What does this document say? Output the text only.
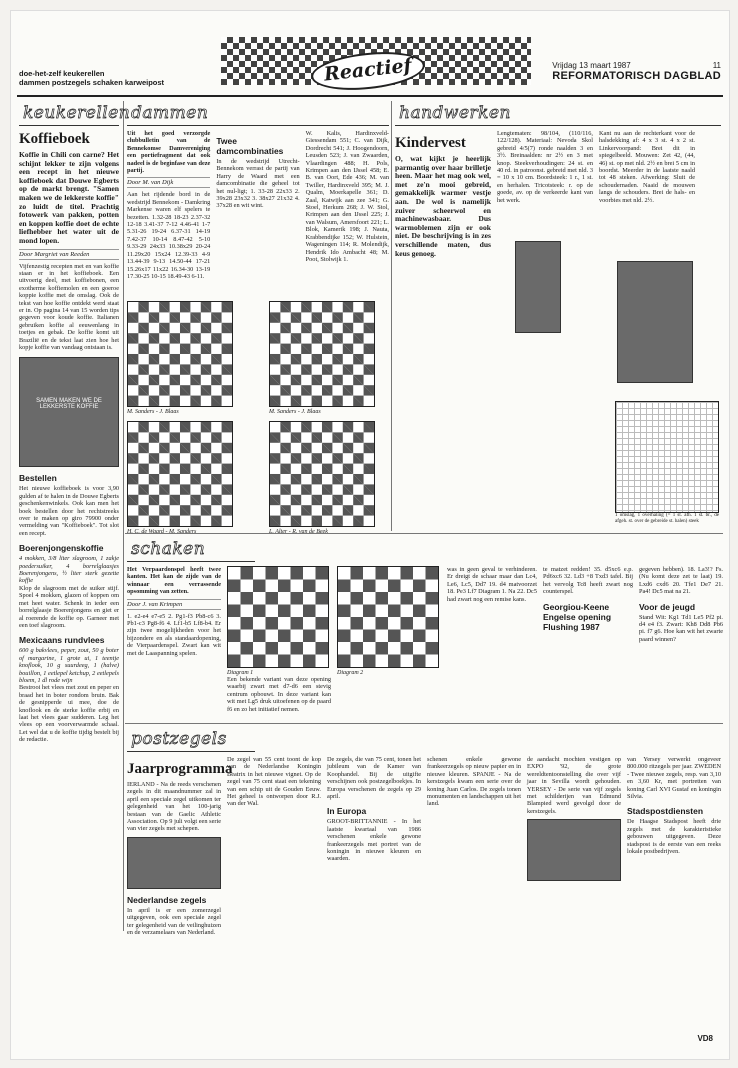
Reactief
doe-het-zelf keukerellen
dammen postzegels schaken karweipost
Vrijdag 13 maart 1987	11
REFORMATORISCH DAGBLAD
keukerellen
Koffieboek
Koffie in Chili con carne? Het schijnt lekker te zijn volgens een recept in het nieuwe koffieboek dat Douwe Egberts op de markt brengt. "Samen maken we de lekkerste koffie" zo luidt de titel. Prachtig fotowerk van pakken, potten en koppen koffie doet de echte liefhebber het water uit de mond lopen.
Door Margriet van Reeden
Vijfenzestig recepten met en van koffie staan er in het koffieboek. Een uitvoerig deel, met koffiebonen, een exotherme koffiemolen en een goeroe koppie koffie met de omslag. Ook de tekst van hoe koffie ontdekt werd staat er in. Op pagina 14 van 15 worden tips gegeven voor koude koffie. Italianen gebruiken koffie al eeuwenlang in toetjes en gebak. De koffie komt uit Brazilië en de tekst laat zien hoe het kopje koffie van vandaag ontstaan is.
SAMEN MAKEN WE DE LEKKERSTE KOFFIE
Bestellen
Het nieuwe koffieboek is voor 3,90 gulden af te halen in de Douwe Egberts geschenkenwinkels. Ook kan men het boek bestellen door het rechtstreeks over te maken op giro 79900 onder vermelding van "Koffieboek". Tot slot een recept.
Boerenjongenskoffie
4 mokken, 3/8 liter slagroom, 1 zakje poedersuiker, 4 borrelglaasjes Boerenjongens, ½ liter sterk gezette koffie
Klop de slagroom met de suiker stijf. Spoel 4 mokken, glazen of koppen om met heet water. Schenk in ieder een borrelglaasje Boerenjongens en giet er al roerende de koffie op. Garneer met een toef slagroom.
Mexicaans rundvlees
600 g bakvlees, peper, zout, 50 g boter of margarine, 1 grote ui, 1 teentje knoflook, 10 g suurdeeg, 1 (halve) bouillon, 1 eetlepel ketchup, 2 eetlepels bloem, 1 dl rode wijn
Bestrooi het vlees met zout en peper en braad het in boter rondom bruin. Bak de gesnipperde ui mee, doe de knoflook en de sterke koffie erbij en laat het vlees gaar sudderen. Leg het vlees op een voorverwarmde schaal. Let wel dat u de koffie tijdig bestelt bij de redactie.
dammen
Uit het goed verzorgde clubbulletin van de Bennekomse Damvereniging een portiefragment dat ook nadeel is de beginfase van deze partij.
Door M. van Dijk
Aan het rijdende bord in de wedstrijd Bennekom - Damkring Markense waren elf spelers te bezetten. 1.32-28 18-23 2.37-32 12-18 3.41-37 7-12 4.46-41 1-7 5.31-26 19-24 6.37-31 14-19 7.42-37 10-14 8.47-42 5-10 9.33-29 24x33 10.38x29 20-24 11.29x20 15x24 12.39-33 4-9 13.44-39 9-13 14.50-44 17-21 15.26x17 11x22 16.34-30 13-19 17.30-25 10-15 18.49-43 6-11.
Twee damcombinaties
In de wedstrijd Utrecht-Bennekom verrast de partij van Harry de Waard met een damcombinatie die geheel tot het nul-ligt; 1. 33-28 22x33 2. 39x28 23x32 3. 38x27 21x32 4. 37x28 en wit wint.
W. Kalis, Hardinxveld-Giessendam 551; C. van Dijk, Dordrecht 541; J. Hoogendoorn, Leusden 523; J. van Zwaarden, Vlaardingen 488; H. Pols, Krimpen aan den IJssel 458; E. B. van Oort, Ede 436; M. van Twiller, Hardinxveld 395; M. J. Qualm, Moerkapelle 361; D. Zaal, Katwijk aan zee 341; G. Stoel, Herkum 268; J. W. Stol, Krimpen aan den IJssel 225; J. van Walsum, Amersfoort 221; L. Blok, Kamerik 198; J. Nauta, Krabbendijke 152; W. Hulstein, Wageningen 114; R. Molendijk, Hendrik Ido Ambacht 48; M. Poot, Stolwijk 1.
M. Sanders - J. Blaas	M. Sanders - J. Blaas
H. C. de Waard - M. Sanders	L. Alter - R. van de Beek
handwerken
Kindervest
O, wat kijkt je heerlijk parmantig over haar brilletje heen. Maar het mag ook wel, met ze'n mooi gebreid, gemakkelijk warmer vestje aan. De wol is namelijk zuiver scheerwol en machinewasbaar. Dus warmoblemen zijn er ook niet. De beschrijving is in zes verschillende maten, dus keus genoeg.
Lengtematen: 98/104, (110/116, 122/128). Materiaal: Nevoda Skol gebreid 4/5(7) ronde naalden 3 en 3½. Breinaalden: nr 2½ en 3 met knop. Steekverhoudingen: 24 st. en 40 rd. in patroonst. gebreid met nld. 3 = 10 x 10 cm. Boordsteek: 1 r., 1 st. en herhalen. Tricotsteek: r. op de goede, av. op de verkeerde kant van het werk.
Kant nu aan de rechterkant voor de halsdekking af: 4 x 3 st. 4 x 2 st. Linkervoorpand: Brei dit in spiegelbeeld. Mouwen: Zet 42, (44, 46) st. op met nld. 2½ en brei 5 cm in boordst. Meerder in de laatste naald tot 48 steken. Afwerking: Sluit de schoudernaden. Naaid de mouwen langs de schouders. Brei de hals- en voorbies met nld. 2½.
1 omslag, 1 overhaling (= 1 st. afh. 1 st. br., de afgeh. st. over de gebreide st. halen) steek
schaken
Het Verpaardonspel heeft twee kanten. Het kan de zijde van de winnaar een verrassende opsomming van zetten.
Door J. van Krimpen
1. e2-e4 e7-e5 2. Pg1-f3 Pb8-c6 3. Pb1-c3 Pg8-f6 4. Lf1-b5 Lf8-b4. Er zijn twee mogelijkheden voor het bijzondere en als standaardopening, de Vierpaardenspel. Zwart kan wit met de Laaspanning spelen.
Diagram 1
Een bekende variant van deze opening waarbij zwart met d7-d6 een stevig centrum opbouwt. In deze variant kan wit met Lg5 druk uitoefenen op de paard f6 en zo het initiatief nemen.
Diagram 2
was in geen geval te verhinderen. Er dreigt de schaar maar dan Lc4, Le6, Lc5, Dd7 19. d4 matvoorzet 18. Pe3 Lf7 Diagram 1. Na 22. Dc5 had zwart nog een remise kans.
te matzet redden! 35. d5xc6 e.p. Pd6xc6 32. Ld3 +8 Txd3 tafel. Bij het vervolg Tc8 heeft zwart nog counterspel.
Georgiou-Keene Engelse opening Flushing 1987
gegeven hebben). 18. La3!? Fs. (Nu komt deze zet te laat) 19. Lxd6 cxd6 20. Tfe1 De7 21. Pa4! Dc5 mat na 21.
Voor de jeugd
Stand Wit: Kg1 Td1 Le5 Pf2 pi. d4 e4 f3. Zwart: Kh8 Dd8 Pb6 pi. f7 g6. Hoe kan wit het zwarte paard winnen?
postzegels
Jaarprogramma
IERLAND - Na de reeds verschenen zegels in dit maandnummer zal in april een speciale zegel uitkomen ter gelegenheid van het 100-jarig bestaan van de Gaelic Athletic Association. Op 9 juli volgt een serie van vier zegels met schepen.
Nederlandse zegels
In april is er een zomerzegel uitgegeven, ook een speciale zegel ter gelegenheid van de veilinghuizen en de verzamelaars van Nederland.
De zegel van 55 cent toont de kop van de Nederlandse Koningin Beatrix in het nieuwe vignet. Op de zegel van 75 cent staat een tekening van een schip uit de Gouden Eeuw. Het geheel is ontworpen door R.J. van der Wal.
De zegels, die van 75 cent, tonen het jubileum van de Kamer van Koophandel. Bij de uitgifte verschijnen ook postzegelboekjes. In Europa verschenen de zegels op 29 april.
In Europa
GROOT-BRITTANNIE - In het laatste kwartaal van 1986 verschenen enkele gewone frankeerzegels met portret van de koningin in nieuwe kleuren en waarden.
schenen enkele gewone frankeerzegels op nieuw papier en in nieuwe kleuren. SPANJE - Na de kerstzegels kwam een serie over de koning Juan Carlos. De zegels tonen monumenten en landschappen uit het land.
de aandacht mochten vestigen op EXPO '92, de grote wereldtentoonstelling die over vijf jaar in Sevilla wordt gehouden. YERSEY - De serie van vijf zegels met schilderijen van Edmund Blampied werd gevolgd door de kerstzegels.
van Yersey verwerkt ongeveer 800.000 ritzegels per jaar. ZWEDEN - Twee nieuwe zegels, resp. van 3,10 en 3,60 Kr, met portretten van koning Carl XVI Gustaf en koningin Silvia.
Stadspostdiensten
De Haagse Stadspost heeft drie zegels met de karakteristieke gebouwen uitgegeven. Deze stadspost is de eerste van een reeks lokale postbedrijven.
VD8
